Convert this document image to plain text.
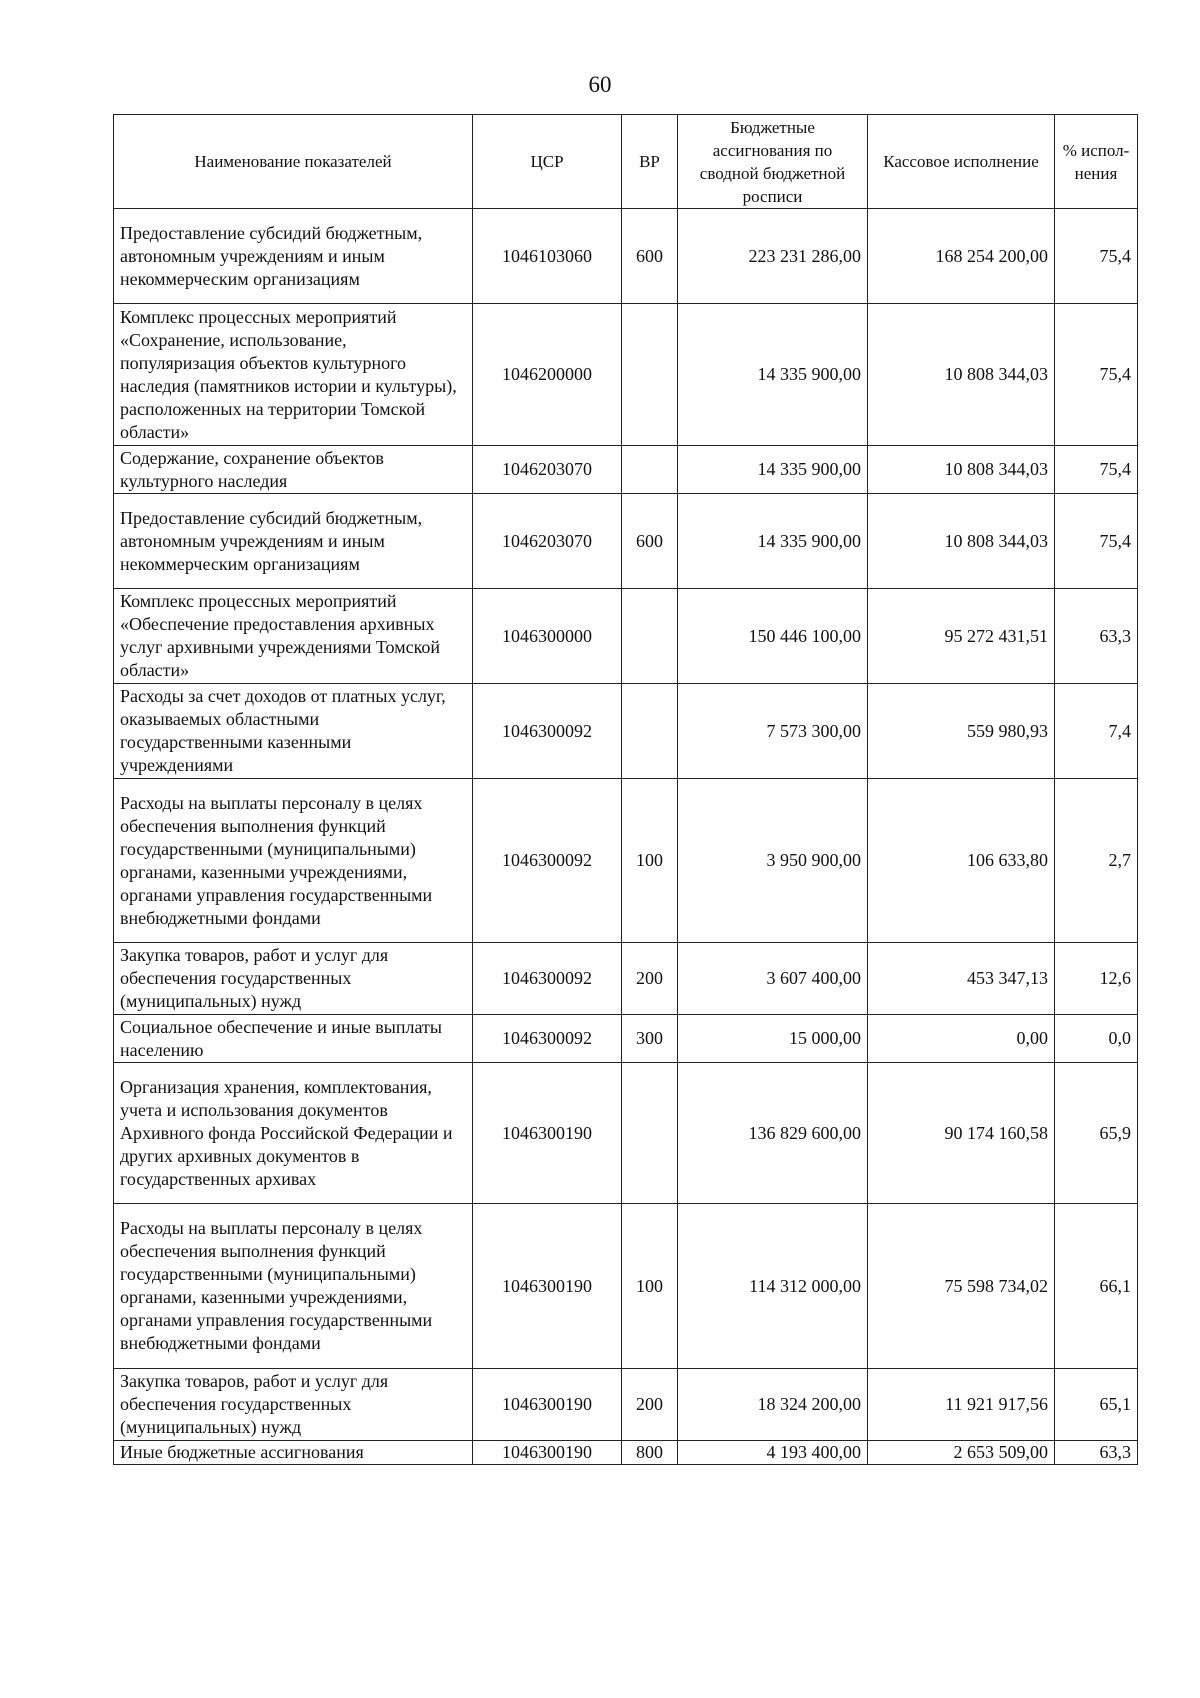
60
Наименование показателей	ЦСР	ВР	Бюджетные ассигнования по сводной бюджетной росписи	Кассовое исполнение	% испол-нения
Предоставление субсидий бюджетным, автономным учреждениям и иным некоммерческим организациям	1046103060	600	223 231 286,00	168 254 200,00	75,4
Комплекс процессных мероприятий «Сохранение, использование, популяризация объектов культурного наследия (памятников истории и культуры), расположенных на территории Томской области»	1046200000		14 335 900,00	10 808 344,03	75,4
Содержание, сохранение объектов культурного наследия	1046203070		14 335 900,00	10 808 344,03	75,4
Предоставление субсидий бюджетным, автономным учреждениям и иным некоммерческим организациям	1046203070	600	14 335 900,00	10 808 344,03	75,4
Комплекс процессных мероприятий «Обеспечение предоставления архивных услуг архивными учреждениями Томской области»	1046300000		150 446 100,00	95 272 431,51	63,3
Расходы за счет доходов от платных услуг, оказываемых областными государственными казенными учреждениями	1046300092		7 573 300,00	559 980,93	7,4
Расходы на выплаты персоналу в целях обеспечения выполнения функций государственными (муниципальными) органами, казенными учреждениями, органами управления государственными внебюджетными фондами	1046300092	100	3 950 900,00	106 633,80	2,7
Закупка товаров, работ и услуг для обеспечения государственных (муниципальных) нужд	1046300092	200	3 607 400,00	453 347,13	12,6
Социальное обеспечение и иные выплаты населению	1046300092	300	15 000,00	0,00	0,0
Организация хранения, комплектования, учета и использования документов Архивного фонда Российской Федерации и других архивных документов в государственных архивах	1046300190		136 829 600,00	90 174 160,58	65,9
Расходы на выплаты персоналу в целях обеспечения выполнения функций государственными (муниципальными) органами, казенными учреждениями, органами управления государственными внебюджетными фондами	1046300190	100	114 312 000,00	75 598 734,02	66,1
Закупка товаров, работ и услуг для обеспечения государственных (муниципальных) нужд	1046300190	200	18 324 200,00	11 921 917,56	65,1
Иные бюджетные ассигнования	1046300190	800	4 193 400,00	2 653 509,00	63,3
